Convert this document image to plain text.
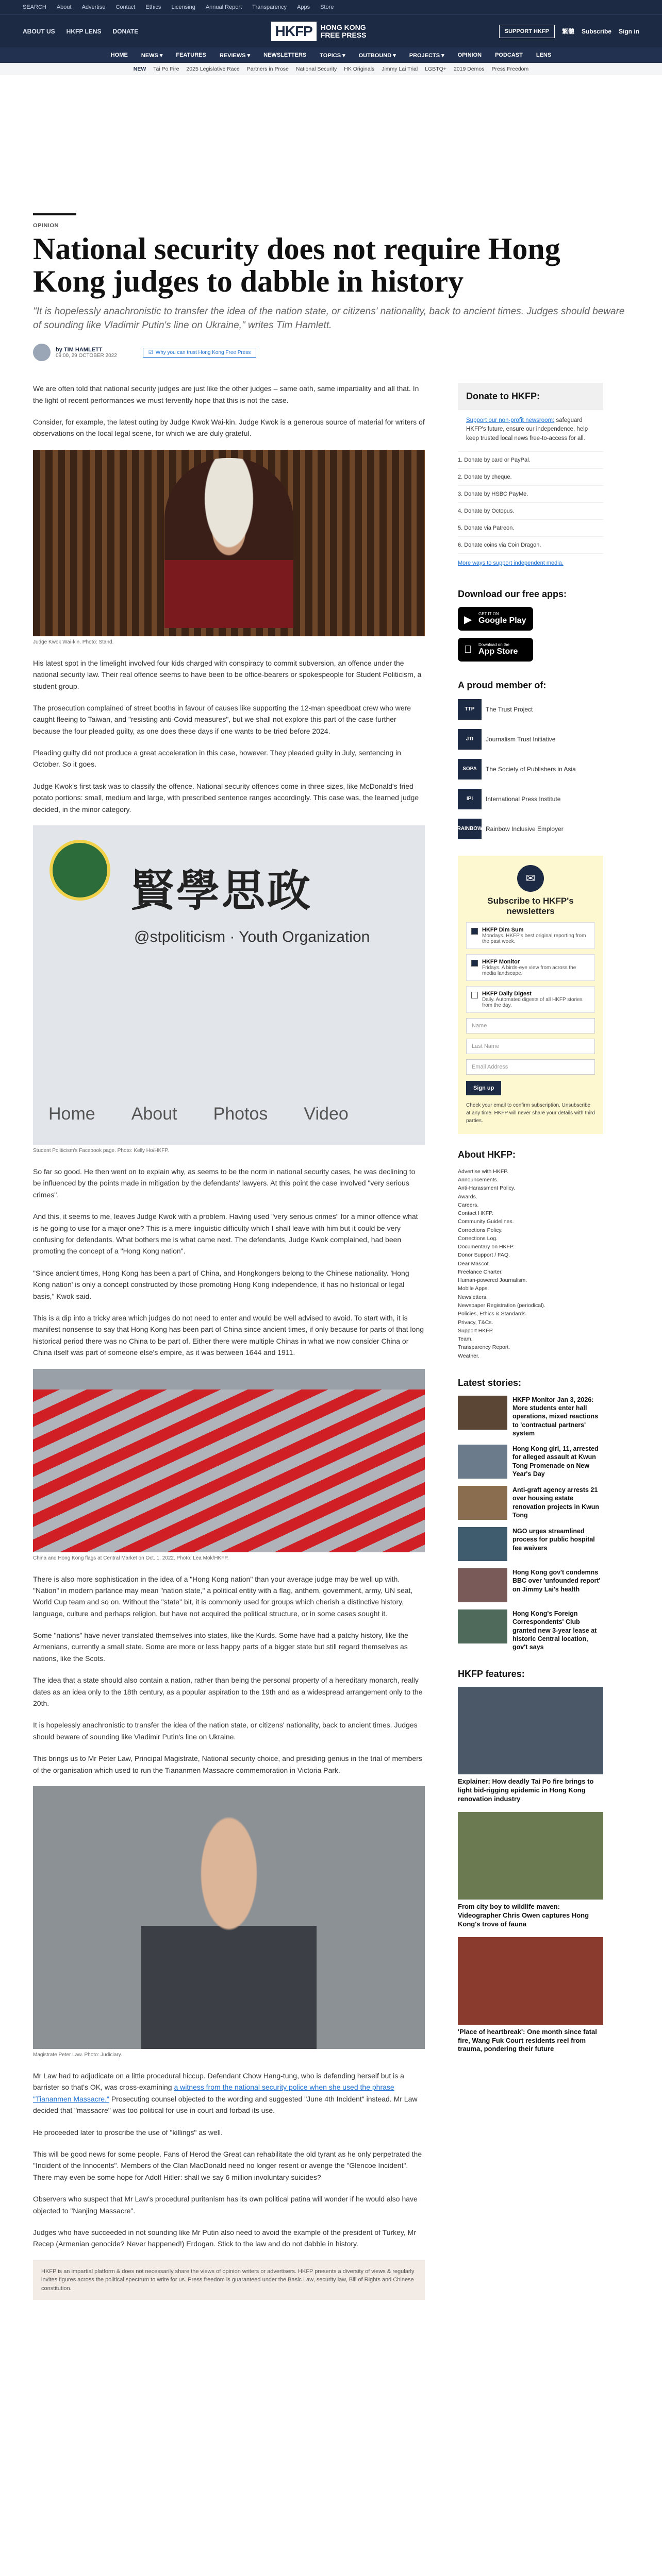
SEARCH About Advertise Contact Ethics Licensing Annual Report Transparency Apps Store
ABOUT US HKFP LENS DONATE	HKFP	HONG KONG
FREE PRESS	SUPPORT HKFP	繁體 Subscribe Sign in
HOME NEWS ▾ FEATURES REVIEWS ▾ NEWSLETTERS TOPICS ▾ OUTBOUND ▾ PROJECTS ▾ OPINION PODCAST LENS
NEW Tai Po Fire 2025 Legislative Race Partners in Prose National Security HK Originals Jimmy Lai Trial LGBTQ+ 2019 Demos Press Freedom
OPINION
National security does not require Hong Kong judges to dabble in history
"It is hopelessly anachronistic to transfer the idea of the nation state, or citizens' nationality, back to ancient times. Judges should beware of sounding like Vladimir Putin's line on Ukraine," writes Tim Hamlett.
by TIM HAMLETT
09:00, 29 OCTOBER 2022
☑ Why you can trust Hong Kong Free Press

We are often told that national security judges are just like the other judges – same oath, same impartiality and all that. In the light of recent performances we must fervently hope that this is not the case.

Consider, for example, the latest outing by Judge Kwok Wai-kin. Judge Kwok is a generous source of material for writers of observations on the local legal scene, for which we are duly grateful.

Judge Kwok Wai-kin. Photo: Stand.

His latest spot in the limelight involved four kids charged with conspiracy to commit subversion, an offence under the national security law. Their real offence seems to have been to be office-bearers or spokespeople for Student Politicism, a student group.

The prosecution complained of street booths in favour of causes like supporting the 12-man speedboat crew who were caught fleeing to Taiwan, and "resisting anti-Covid measures", but we shall not explore this part of the case further because the four pleaded guilty, as one does these days if one wants to be tried before 2024.

Pleading guilty did not produce a great acceleration in this case, however. They pleaded guilty in July, sentencing in October. So it goes.

Judge Kwok's first task was to classify the offence. National security offences come in three sizes, like McDonald's fried potato portions: small, medium and large, with prescribed sentence ranges accordingly. This case was, the learned judge decided, in the minor category.

賢學思政
@stpoliticism · Youth Organization
Home About Photos Video

Student Politicism's Facebook page. Photo: Kelly Ho/HKFP.

So far so good. He then went on to explain why, as seems to be the norm in national security cases, he was declining to be influenced by the points made in mitigation by the defendants' lawyers. At this point the case involved "very serious crimes".

And this, it seems to me, leaves Judge Kwok with a problem. Having used "very serious crimes" for a minor offence what is he going to use for a major one? This is a mere linguistic difficulty which I shall leave with him but it could be very confusing for defendants. What bothers me is what came next. The defendants, Judge Kwok complained, had been promoting the concept of a "Hong Kong nation".

"Since ancient times, Hong Kong has been a part of China, and Hongkongers belong to the Chinese nationality. 'Hong Kong nation' is only a concept constructed by those promoting Hong Kong independence, it has no historical or legal basis," Kwok said.

This is a dip into a tricky area which judges do not need to enter and would be well advised to avoid. To start with, it is manifest nonsense to say that Hong Kong has been part of China since ancient times, if only because for parts of that long historical period there was no China to be part of. Either there were multiple Chinas in what we now consider China or China itself was part of someone else's empire, as it was between 1644 and 1911.

China and Hong Kong flags at Central Market on Oct. 1, 2022. Photo: Lea Mok/HKFP.

There is also more sophistication in the idea of a "Hong Kong nation" than your average judge may be well up with. "Nation" in modern parlance may mean "nation state," a political entity with a flag, anthem, government, army, UN seat, World Cup team and so on. Without the "state" bit, it is commonly used for groups which cherish a distinctive history, language, culture and perhaps religion, but have not acquired the political structure, or in some cases sought it.

Some "nations" have never translated themselves into states, like the Kurds. Some have had a patchy history, like the Armenians, currently a small state. Some are more or less happy parts of a bigger state but still regard themselves as nations, like the Scots.

The idea that a state should also contain a nation, rather than being the personal property of a hereditary monarch, really dates as an idea only to the 18th century, as a popular aspiration to the 19th and as a widespread arrangement only to the 20th.

It is hopelessly anachronistic to transfer the idea of the nation state, or citizens' nationality, back to ancient times. Judges should beware of sounding like Vladimir Putin's line on Ukraine.

This brings us to Mr Peter Law, Principal Magistrate, National security choice, and presiding genius in the trial of members of the organisation which used to run the Tiananmen Massacre commemoration in Victoria Park.

Magistrate Peter Law. Photo: Judiciary.

Mr Law had to adjudicate on a little procedural hiccup. Defendant Chow Hang-tung, who is defending herself but is a barrister so that's OK, was cross-examining a witness from the national security police when she used the phrase "Tiananmen Massacre." Prosecuting counsel objected to the wording and suggested "June 4th Incident" instead. Mr Law decided that "massacre" was too political for use in court and forbad its use.

He proceeded later to proscribe the use of "killings" as well.

This will be good news for some people. Fans of Herod the Great can rehabilitate the old tyrant as he only perpetrated the "Incident of the Innocents". Members of the Clan MacDonald need no longer resent or avenge the "Glencoe Incident". There may even be some hope for Adolf Hitler: shall we say 6 million involuntary suicides?

Observers who suspect that Mr Law's procedural puritanism has its own political patina will wonder if he would also have objected to "Nanjing Massacre".

Judges who have succeeded in not sounding like Mr Putin also need to avoid the example of the president of Turkey, Mr Recep (Armenian genocide? Never happened!) Erdogan. Stick to the law and do not dabble in history.

HKFP is an impartial platform & does not necessarily share the views of opinion writers or advertisers. HKFP presents a diversity of views & regularly invites figures across the political spectrum to write for us. Press freedom is guaranteed under the Basic Law, security law, Bill of Rights and Chinese constitution.
Donate to HKFP:
Support our non-profit newsroom: safeguard HKFP's future, ensure our independence, help keep trusted local news free-to-access for all.
1. Donate by card or PayPal.
2. Donate by cheque.
3. Donate by HSBC PayMe.
4. Donate by Octopus.
5. Donate via Patreon.
6. Donate coins via Coin Dragon.
More ways to support independent media.
Download our free apps:
▶ GET IT ON
Google Play
Download on the
App Store
A proud member of:
TTP	The Trust Project
JTI	Journalism Trust Initiative
SOPA	The Society of Publishers in Asia
IPI	International Press Institute
RAINBOW Rainbow Inclusive Employer
✉
Subscribe to HKFP's newsletters
HKFP Dim Sum
Mondays. HKFP's best original reporting from the past week.
HKFP Monitor
Fridays. A birds-eye view from across the media landscape.
HKFP Daily Digest
Daily. Automated digests of all HKFP stories from the day.
Name
Last Name
Email Address
Sign up

Check your email to confirm subscription. Unsubscribe at any time. HKFP will never share your details with third parties.

About HKFP:
Advertise with HKFP.
Announcements.
Anti-Harassment Policy.
Awards.
Careers.
Contact HKFP.
Community Guidelines.
Corrections Policy.
Corrections Log.
Documentary on HKFP.
Donor Support / FAQ.
Dear Mascot.
Freelance Charter.
Human-powered Journalism.
Mobile Apps.
Newsletters.
Newspaper Registration (periodical).
Policies, Ethics & Standards.
Privacy, T&Cs.
Support HKFP.
Team.
Transparency Report.
Weather.
Latest stories:
HKFP Monitor Jan 3, 2026: More students enter hall operations, mixed reactions to 'contractual partners' system
Hong Kong girl, 11, arrested for alleged assault at Kwun Tong Promenade on New Year's Day
Anti-graft agency arrests 21 over housing estate renovation projects in Kwun Tong
NGO urges streamlined process for public hospital fee waivers
Hong Kong gov't condemns BBC over 'unfounded report' on Jimmy Lai's health
Hong Kong's Foreign Correspondents' Club granted new 3-year lease at historic Central location, gov't says
HKFP features:
Explainer: How deadly Tai Po fire brings to light bid-rigging epidemic in Hong Kong renovation industry
From city boy to wildlife maven: Videographer Chris Owen captures Hong Kong's trove of fauna
'Place of heartbreak': One month since fatal fire, Wang Fuk Court residents reel from trauma, pondering their future
